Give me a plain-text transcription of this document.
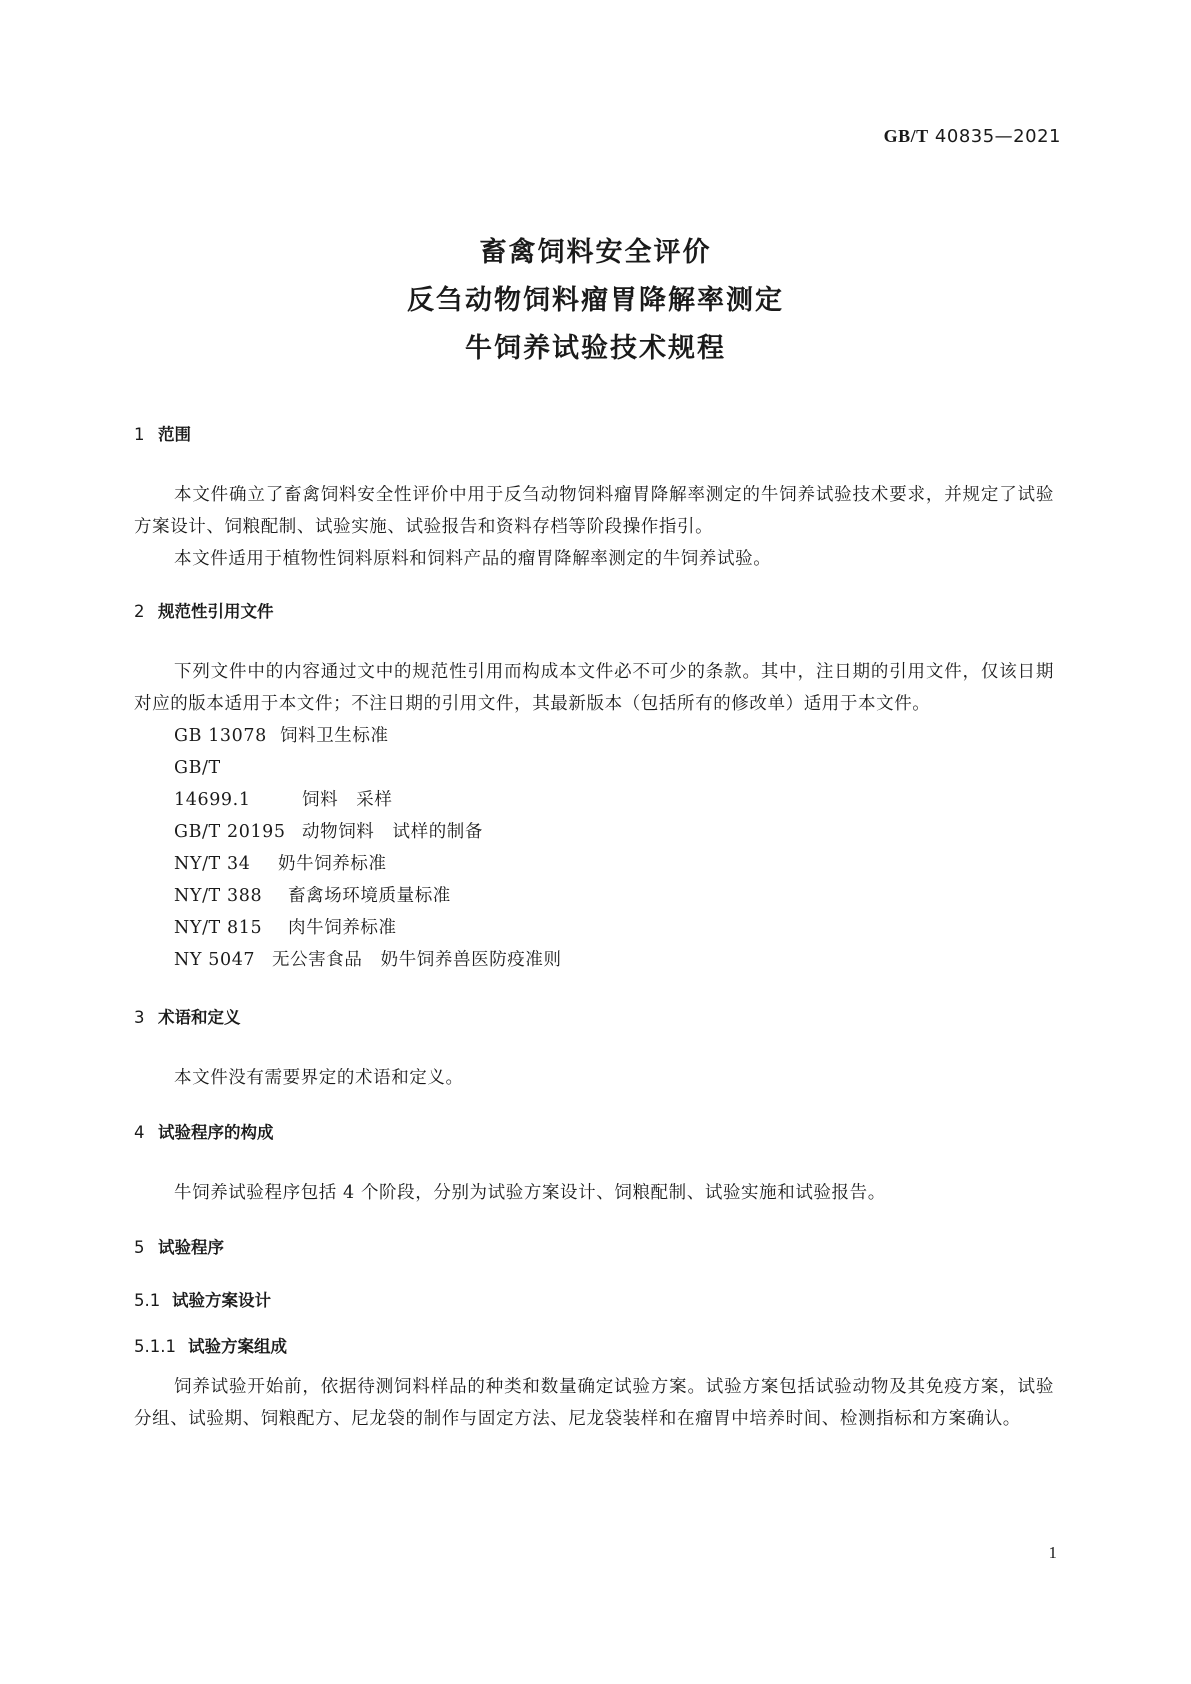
GB/T 40835—2021
畜禽饲料安全评价
反刍动物饲料瘤胃降解率测定
牛饲养试验技术规程
1 范围
本文件确立了畜禽饲料安全性评价中用于反刍动物饲料瘤胃降解率测定的牛饲养试验技术要求，并规定了试验方案设计、饲粮配制、试验实施、试验报告和资料存档等阶段操作指引。
本文件适用于植物性饲料原料和饲料产品的瘤胃降解率测定的牛饲养试验。
2 规范性引用文件
下列文件中的内容通过文中的规范性引用而构成本文件必不可少的条款。其中，注日期的引用文件，仅该日期对应的版本适用于本文件；不注日期的引用文件，其最新版本（包括所有的修改单）适用于本文件。
GB 13078 饲料卫生标准
GB/T 14699.1	饲料　采样
GB/T 20195 动物饲料　试样的制备
NY/T 34 奶牛饲养标准
NY/T 388 畜禽场环境质量标准
NY/T 815 肉牛饲养标准
NY 5047 无公害食品　奶牛饲养兽医防疫准则
3 术语和定义
本文件没有需要界定的术语和定义。
4 试验程序的构成
牛饲养试验程序包括 4 个阶段，分别为试验方案设计、饲粮配制、试验实施和试验报告。
5 试验程序
5.1 试验方案设计
5.1.1 试验方案组成
饲养试验开始前，依据待测饲料样品的种类和数量确定试验方案。试验方案包括试验动物及其免疫方案，试验分组、试验期、饲粮配方、尼龙袋的制作与固定方法、尼龙袋装样和在瘤胃中培养时间、检测指标和方案确认。
1
